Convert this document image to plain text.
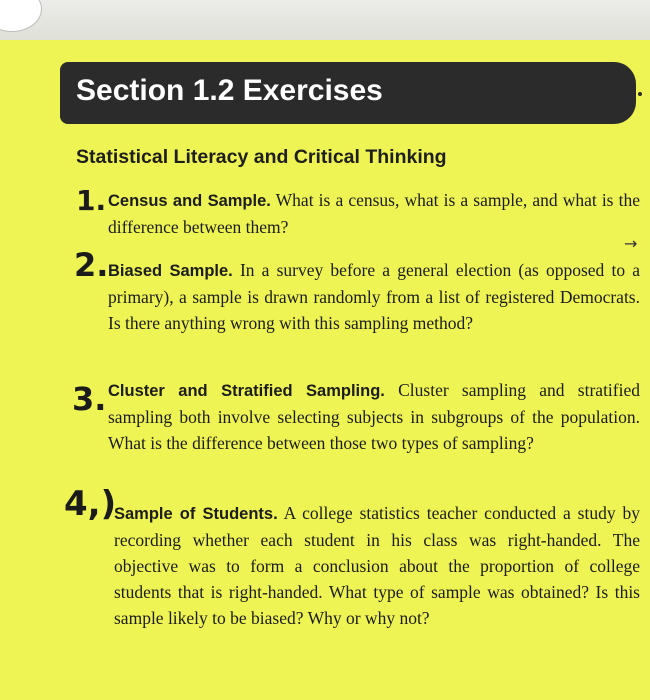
Section 1.2 Exercises
Statistical Literacy and Critical Thinking
1. Census and Sample. What is a census, what is a sample, and what is the difference between them?
→
2. Biased Sample. In a survey before a general election (as opposed to a primary), a sample is drawn randomly from a list of registered Democrats. Is there anything wrong with this sampling method?
3. Cluster and Stratified Sampling. Cluster sampling and stratified sampling both involve selecting subjects in subgroups of the population. What is the difference between those two types of sampling?
4,)
Sample of Students. A college statistics teacher conducted a study by recording whether each student in his class was right-handed. The objective was to form a conclusion about the proportion of college students that is right-handed. What type of sample was obtained? Is this sample likely to be biased? Why or why not?
